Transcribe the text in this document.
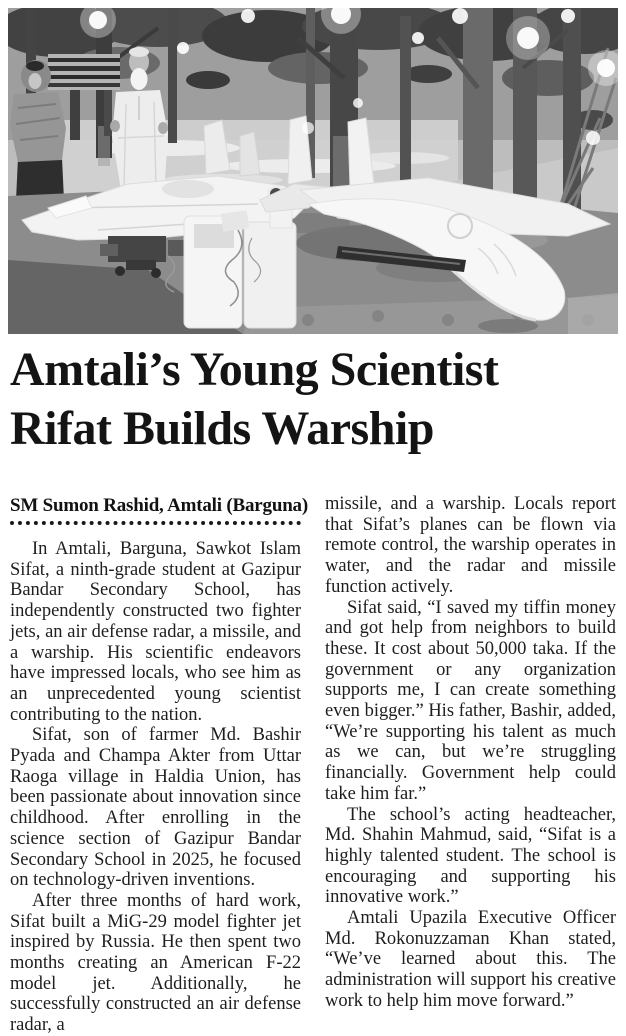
Amtali’s Young Scientist
Rifat Builds Warship
SM Sumon Rashid, Amtali (Barguna)

In Amtali, Barguna, Sawkot Islam Sifat, a ninth-grade student at Gazipur Bandar Secondary School, has independently constructed two fighter jets, an air defense radar, a missile, and a warship. His scientific endeavors have impressed locals, who see him as an unprecedented young scientist contributing to the nation.

Sifat, son of farmer Md. Bashir Pyada and Champa Akter from Uttar Raoga village in Haldia Union, has been passionate about innovation since childhood. After enrolling in the science section of Gazipur Bandar Secondary School in 2025, he focused on technology-driven inventions.

After three months of hard work, Sifat built a MiG-29 model fighter jet inspired by Russia. He then spent two months creating an American F-22 model jet. Additionally, he successfully constructed an air defense radar, a

missile, and a warship. Locals report that Sifat’s planes can be flown via remote control, the warship operates in water, and the radar and missile function actively.

Sifat said, “I saved my tiffin money and got help from neighbors to build these. It cost about 50,000 taka. If the government or any organization supports me, I can create something even bigger.” His father, Bashir, added, “We’re supporting his talent as much as we can, but we’re struggling financially. Government help could take him far.”

The school’s acting headteacher, Md. Shahin Mahmud, said, “Sifat is a highly talented student. The school is encouraging and supporting his innovative work.”

Amtali Upazila Executive Officer Md. Rokonuzzaman Khan stated, “We’ve learned about this. The administration will support his creative work to help him move forward.”
